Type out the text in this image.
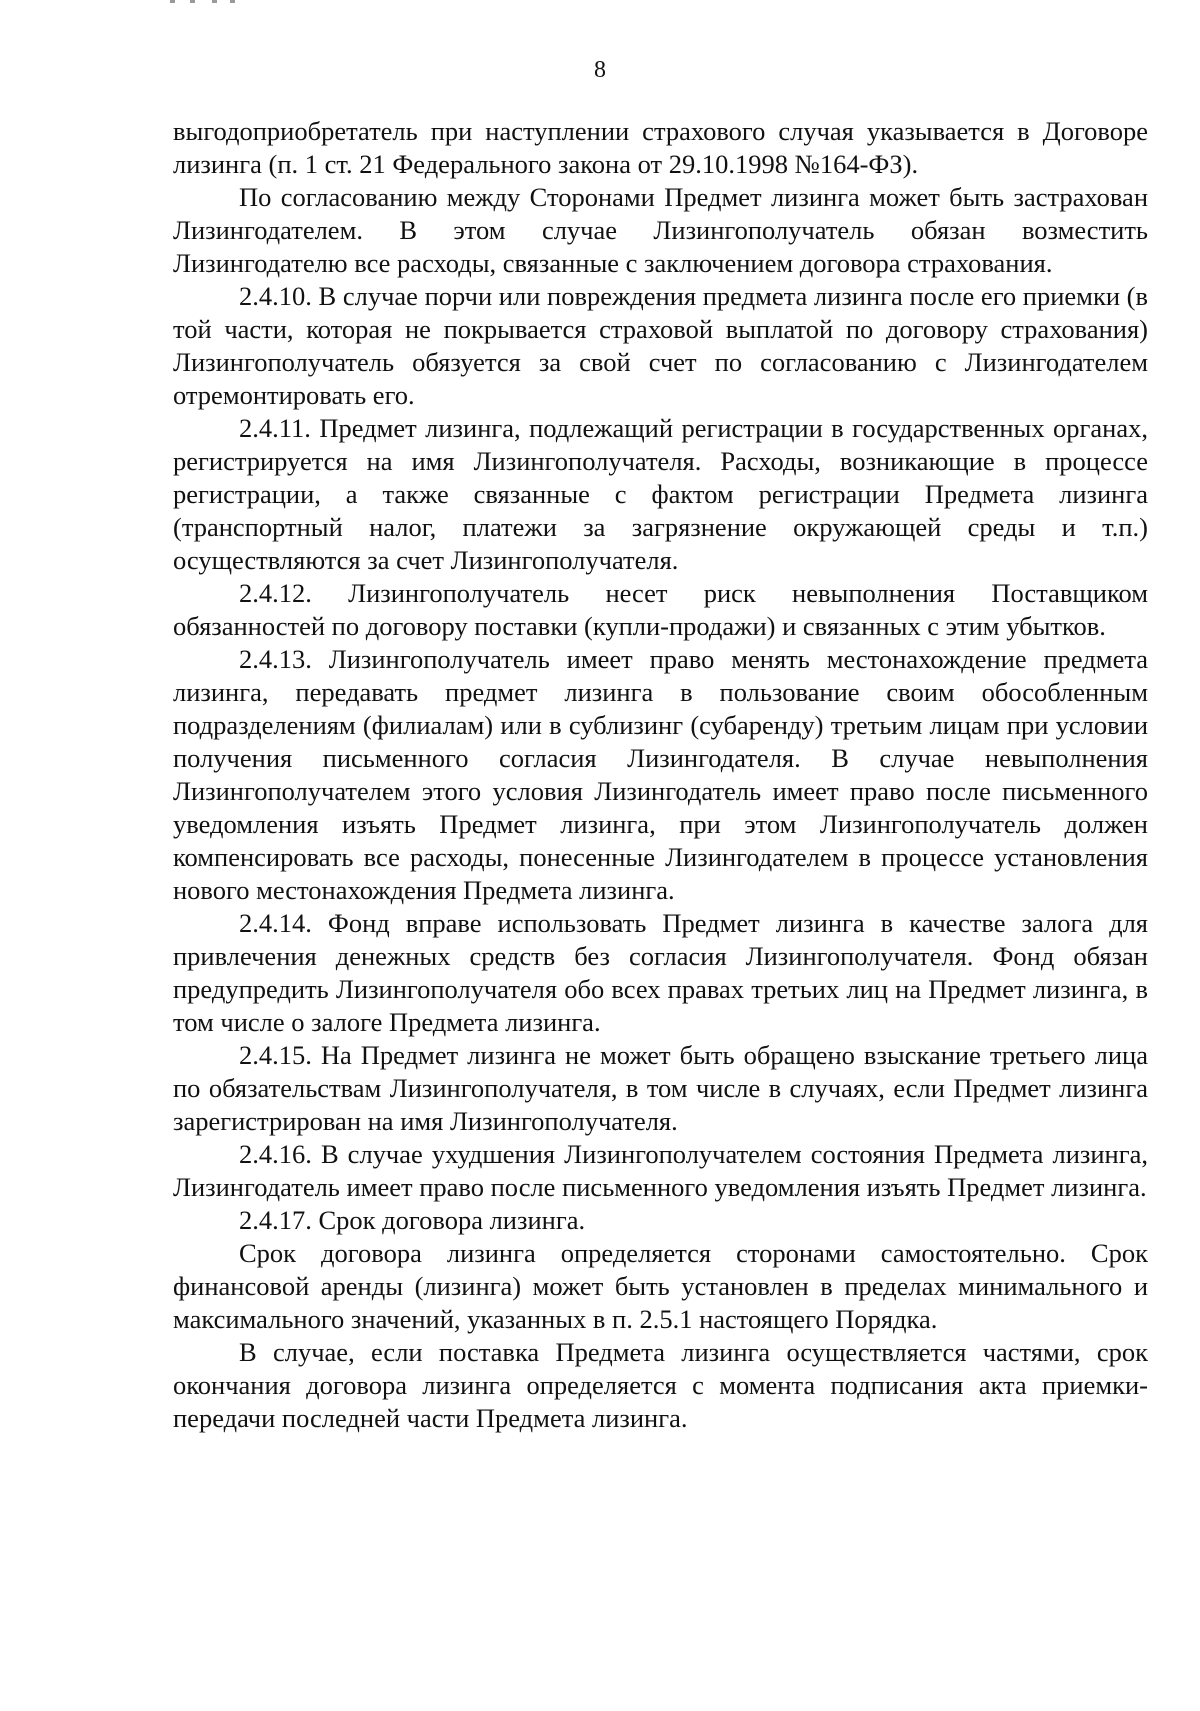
8

выгодоприобретатель при наступлении страхового случая указывается в Договоре лизинга (п. 1 ст. 21 Федерального закона от 29.10.1998 №164-ФЗ).

По согласованию между Сторонами Предмет лизинга может быть застрахован Лизингодателем. В этом случае Лизингополучатель обязан возместить Лизингодателю все расходы, связанные с заключением договора страхования.

2.4.10. В случае порчи или повреждения предмета лизинга после его приемки (в той части, которая не покрывается страховой выплатой по договору страхования) Лизингополучатель обязуется за свой счет по согласованию с Лизингодателем отремонтировать его.

2.4.11. Предмет лизинга, подлежащий регистрации в государственных органах, регистрируется на имя Лизингополучателя. Расходы, возникающие в процессе регистрации, а также связанные с фактом регистрации Предмета лизинга (транспортный налог, платежи за загрязнение окружающей среды и т.п.) осуществляются за счет Лизингополучателя.

2.4.12. Лизингополучатель несет риск невыполнения Поставщиком обязанностей по договору поставки (купли-продажи) и связанных с этим убытков.

2.4.13. Лизингополучатель имеет право менять местонахождение предмета лизинга, передавать предмет лизинга в пользование своим обособленным подразделениям (филиалам) или в сублизинг (субаренду) третьим лицам при условии получения письменного согласия Лизингодателя. В случае невыполнения Лизингополучателем этого условия Лизингодатель имеет право после письменного уведомления изъять Предмет лизинга, при этом Лизингополучатель должен компенсировать все расходы, понесенные Лизингодателем в процессе установления нового местонахождения Предмета лизинга.

2.4.14. Фонд вправе использовать Предмет лизинга в качестве залога для привлечения денежных средств без согласия Лизингополучателя. Фонд обязан предупредить Лизингополучателя обо всех правах третьих лиц на Предмет лизинга, в том числе о залоге Предмета лизинга.

2.4.15. На Предмет лизинга не может быть обращено взыскание третьего лица по обязательствам Лизингополучателя, в том числе в случаях, если Предмет лизинга зарегистрирован на имя Лизингополучателя.

2.4.16. В случае ухудшения Лизингополучателем состояния Предмета лизинга, Лизингодатель имеет право после письменного уведомления изъять Предмет лизинга.

2.4.17. Срок договора лизинга.

Срок договора лизинга определяется сторонами самостоятельно. Срок финансовой аренды (лизинга) может быть установлен в пределах минимального и максимального значений, указанных в п. 2.5.1 настоящего Порядка.

В случае, если поставка Предмета лизинга осуществляется частями, срок окончания договора лизинга определяется с момента подписания акта приемки-передачи последней части Предмета лизинга.
